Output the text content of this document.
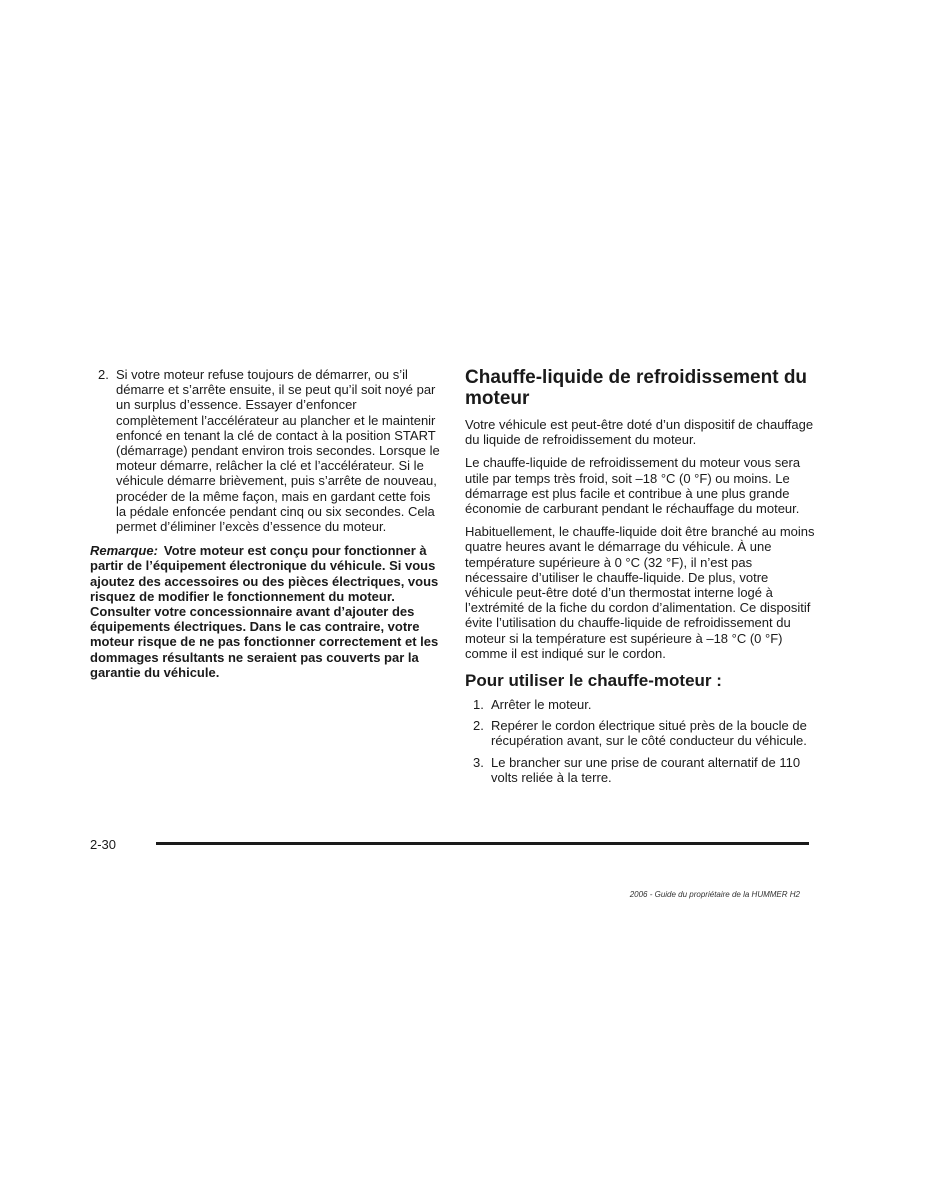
2. Si votre moteur refuse toujours de démarrer, ou s’il démarre et s’arrête ensuite, il se peut qu’il soit noyé par un surplus d’essence. Essayer d’enfoncer complètement l’accélérateur au plancher et le maintenir enfoncé en tenant la clé de contact à la position START (démarrage) pendant environ trois secondes. Lorsque le moteur démarre, relâcher la clé et l’accélérateur. Si le véhicule démarre brièvement, puis s’arrête de nouveau, procéder de la même façon, mais en gardant cette fois la pédale enfoncée pendant cinq ou six secondes. Cela permet d’éliminer l’excès d’essence du moteur.

Remarque: Votre moteur est conçu pour fonctionner à partir de l’équipement électronique du véhicule. Si vous ajoutez des accessoires ou des pièces électriques, vous risquez de modifier le fonctionnement du moteur. Consulter votre concessionnaire avant d’ajouter des équipements électriques. Dans le cas contraire, votre moteur risque de ne pas fonctionner correctement et les dommages résultants ne seraient pas couverts par la garantie du véhicule.

Chauffe-liquide de refroidissement du moteur

Votre véhicule est peut-être doté d’un dispositif de chauffage du liquide de refroidissement du moteur.

Le chauffe-liquide de refroidissement du moteur vous sera utile par temps très froid, soit –18 °C (0 °F) ou moins. Le démarrage est plus facile et contribue à une plus grande économie de carburant pendant le réchauffage du moteur.

Habituellement, le chauffe-liquide doit être branché au moins quatre heures avant le démarrage du véhicule. À une température supérieure à 0 °C (32 °F), il n’est pas nécessaire d’utiliser le chauffe-liquide. De plus, votre véhicule peut-être doté d’un thermostat interne logé à l’extrémité de la fiche du cordon d’alimentation. Ce dispositif évite l’utilisation du chauffe-liquide de refroidissement du moteur si la température est supérieure à –18 °C (0 °F) comme il est indiqué sur le cordon.

Pour utiliser le chauffe-moteur :
1. Arrêter le moteur.
2. Repérer le cordon électrique situé près de la boucle de récupération avant, sur le côté conducteur du véhicule.
3. Le brancher sur une prise de courant alternatif de 110 volts reliée à la terre.
2-30
2006 - Guide du propriétaire de la HUMMER H2
